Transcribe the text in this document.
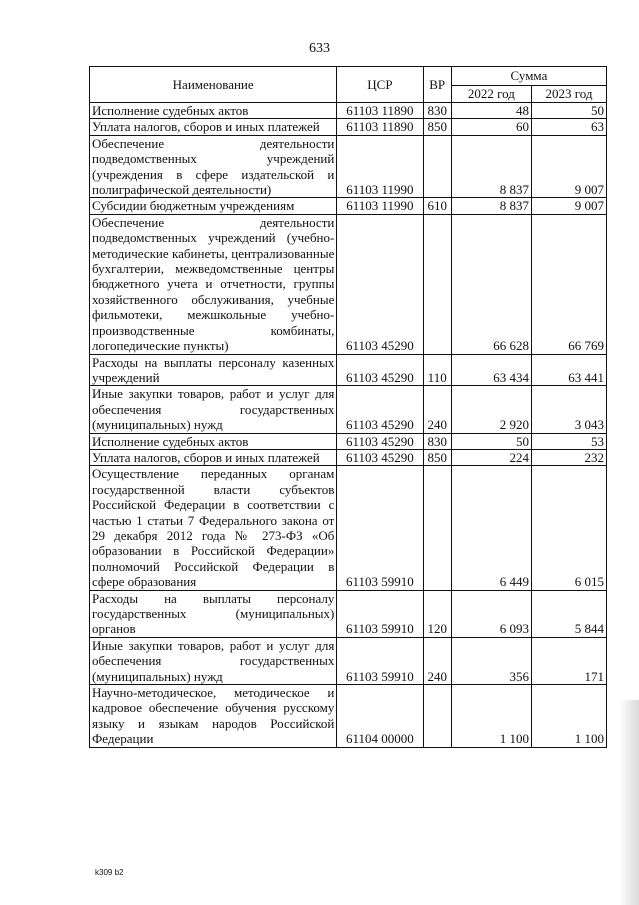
633
Наименование	ЦСР	ВР	Сумма	
			2022 год	2023 год
Исполнение судебных актов	61103 11890	830	48	50
Уплата налогов, сборов и иных платежей	61103 11890	850	60	63
Обеспечение деятельности подведомственных учреждений (учреждения в сфере издательской и полиграфической деятельности)	61103 11990		8 837	9 007
Субсидии бюджетным учреждениям	61103 11990	610	8 837	9 007
Обеспечение деятельности подведомственных учреждений (учебно-методические кабинеты, централизованные бухгалтерии, межведомственные центры бюджетного учета и отчетности, группы хозяйственного обслуживания, учебные фильмотеки, межшкольные учебно-производственные комбинаты, логопедические пункты)	61103 45290		66 628	66 769
Расходы на выплаты персоналу казенных учреждений	61103 45290	110	63 434	63 441
Иные закупки товаров, работ и услуг для обеспечения государственных (муниципальных) нужд	61103 45290	240	2 920	3 043
Исполнение судебных актов	61103 45290	830	50	53
Уплата налогов, сборов и иных платежей	61103 45290	850	224	232
Осуществление переданных органам государственной власти субъектов Российской Федерации в соответствии с частью 1 статьи 7 Федерального закона от 29 декабря 2012 года № 273-ФЗ «Об образовании в Российской Федерации» полномочий Российской Федерации в сфере образования	61103 59910		6 449	6 015
Расходы на выплаты персоналу государственных (муниципальных) органов	61103 59910	120	6 093	5 844
Иные закупки товаров, работ и услуг для обеспечения государственных (муниципальных) нужд	61103 59910	240	356	171
Научно-методическое, методическое и кадровое обеспечение обучения русскому языку и языкам народов Российской Федерации	61104 00000		1 100	1 100
k309 b2
